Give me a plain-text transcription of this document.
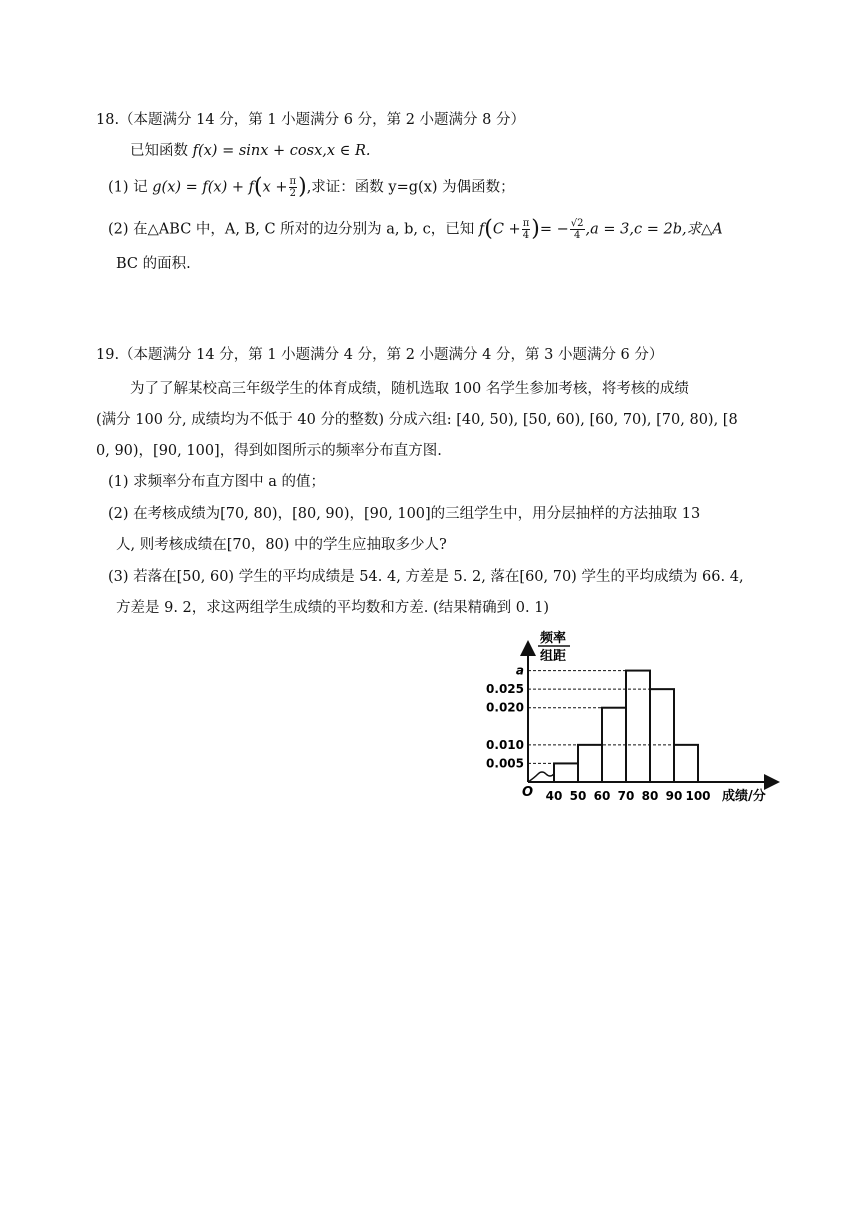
18.（本题满分 14 分，第 1 小题满分 6 分，第 2 小题满分 8 分）
已知函数 f(x) = sinx + cosx,x ∈ R.
(1) 记 $g(x) = f(x) + f(x + \frac{\pi}{2}$ ),求证：函数 y=g(x) 为偶函数；
(2) 在△ABC 中，A, B, C 所对的边分别为 a, b, c，已知 $f(C + \frac{\pi}{4}$ )= − $\frac{√2}{4} ,a = 3,c = 2b$,求△A
BC 的面积.
19.（本题满分 14 分，第 1 小题满分 4 分，第 2 小题满分 4 分，第 3 小题满分 6 分）
为了了解某校高三年级学生的体育成绩，随机选取 100 名学生参加考核，将考核的成绩
(满分 100 分, 成绩均为不低于 40 分的整数) 分成六组: [40, 50), [50, 60), [60, 70), [70, 80), [8
0, 90)，[90, 100]，得到如图所示的频率分布直方图.
(1) 求频率分布直方图中 a 的值；
(2) 在考核成绩为[70, 80)，[80, 90)，[90, 100]的三组学生中，用分层抽样的方法抽取 13
人, 则考核成绩在[70，80) 中的学生应抽取多少人?
(3) 若落在[50, 60) 学生的平均成绩是 54. 4, 方差是 5. 2, 落在[60, 70) 学生的平均成绩为 66. 4,
方差是 9. 2，求这两组学生成绩的平均数和方差. (结果精确到 0. 1)
频率
组距
O
a
0.025
0.020
0.010
0.005
40 50 60 70 80 90 100 成绩/分
